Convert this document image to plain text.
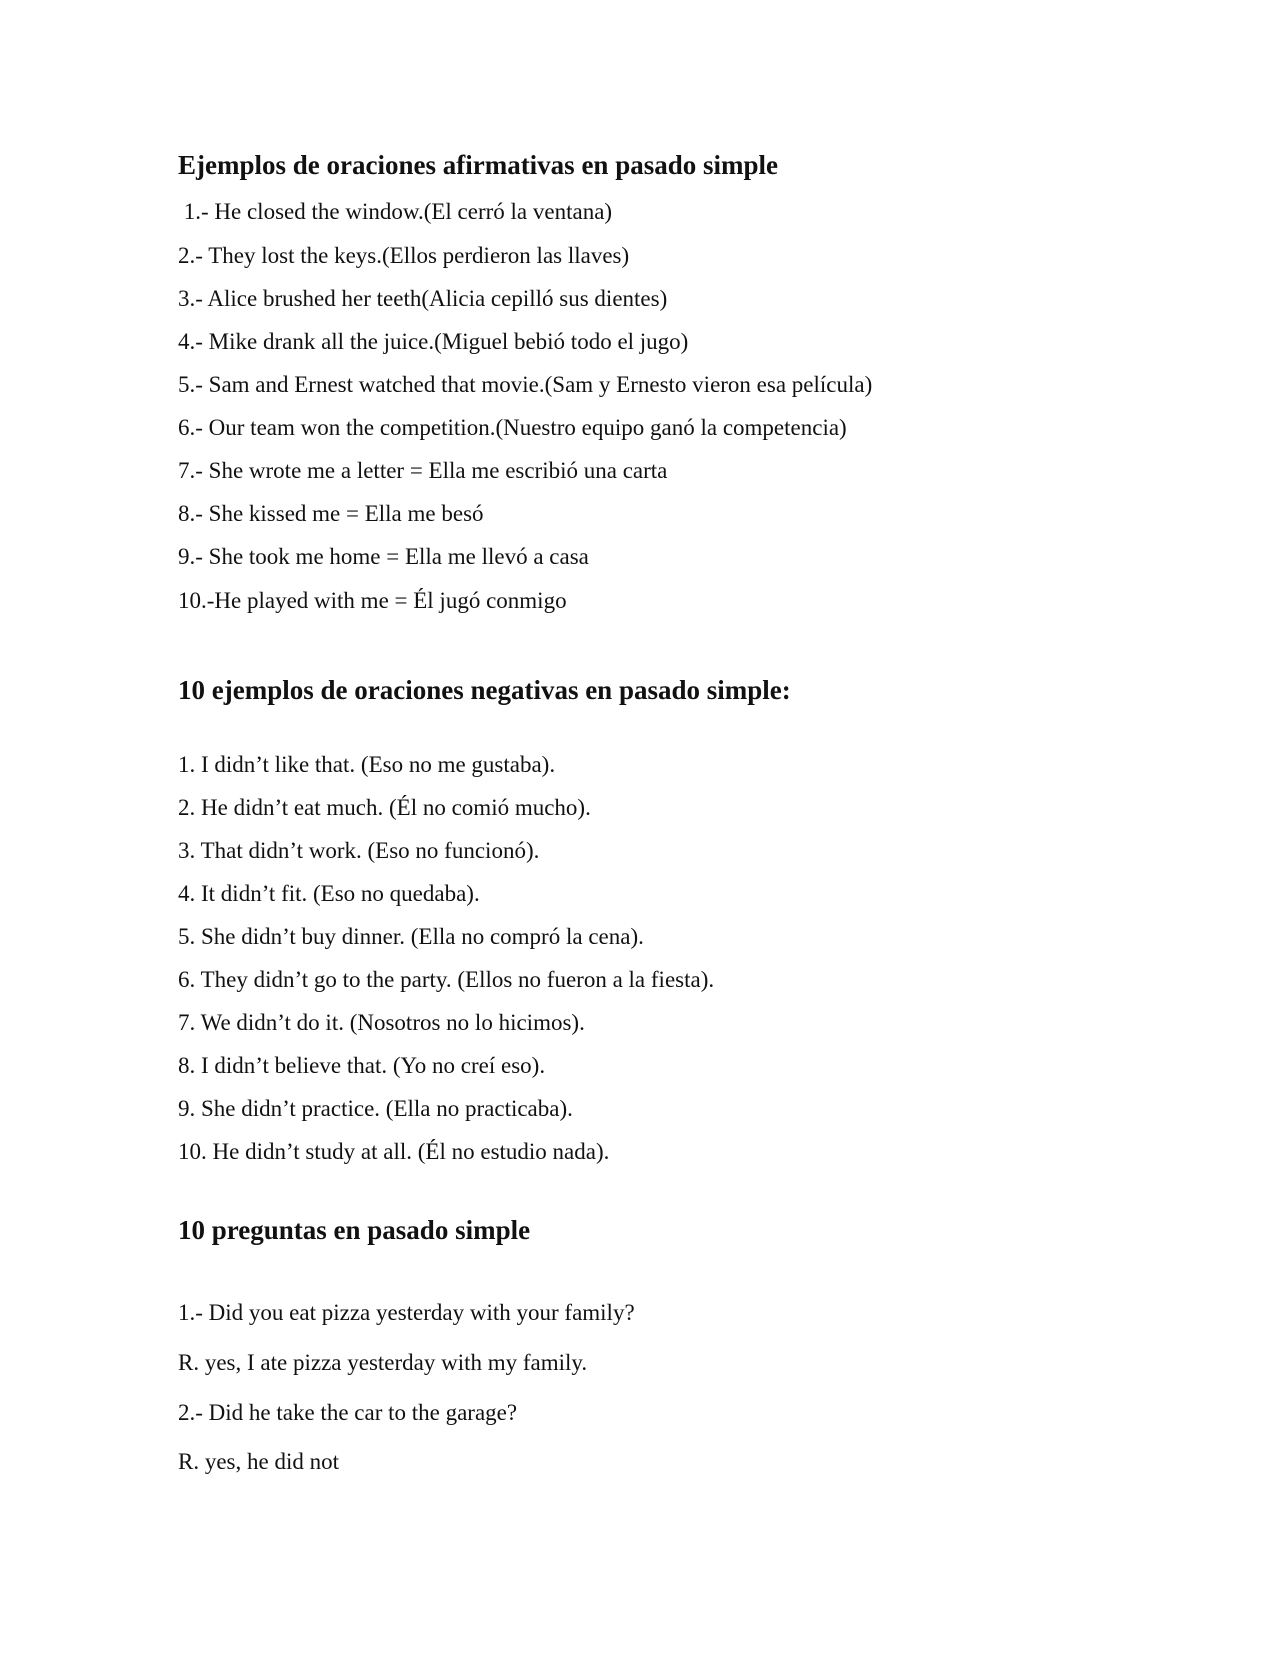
Ejemplos de oraciones afirmativas en pasado simple

1.- He closed the window.(El cerró la ventana)

2.- They lost the keys.(Ellos perdieron las llaves)

3.- Alice brushed her teeth(Alicia cepilló sus dientes)

4.- Mike drank all the juice.(Miguel bebió todo el jugo)

5.- Sam and Ernest watched that movie.(Sam y Ernesto vieron esa película)

6.- Our team won the competition.(Nuestro equipo ganó la competencia)

7.- She wrote me a letter = Ella me escribió una carta

8.- She kissed me = Ella me besó

9.- She took me home = Ella me llevó a casa

10.-He played with me = Él jugó conmigo

10 ejemplos de oraciones negativas en pasado simple:

1. I didn’t like that. (Eso no me gustaba).

2. He didn’t eat much. (Él no comió mucho).

3. That didn’t work. (Eso no funcionó).

4. It didn’t fit. (Eso no quedaba).

5. She didn’t buy dinner. (Ella no compró la cena).

6. They didn’t go to the party. (Ellos no fueron a la fiesta).

7. We didn’t do it. (Nosotros no lo hicimos).

8. I didn’t believe that. (Yo no creí eso).

9. She didn’t practice. (Ella no practicaba).

10. He didn’t study at all. (Él no estudio nada).

10 preguntas en pasado simple

1.- Did you eat pizza yesterday with your family?

R. yes, I ate pizza yesterday with my family.

2.- Did he take the car to the garage?

R. yes, he did not
